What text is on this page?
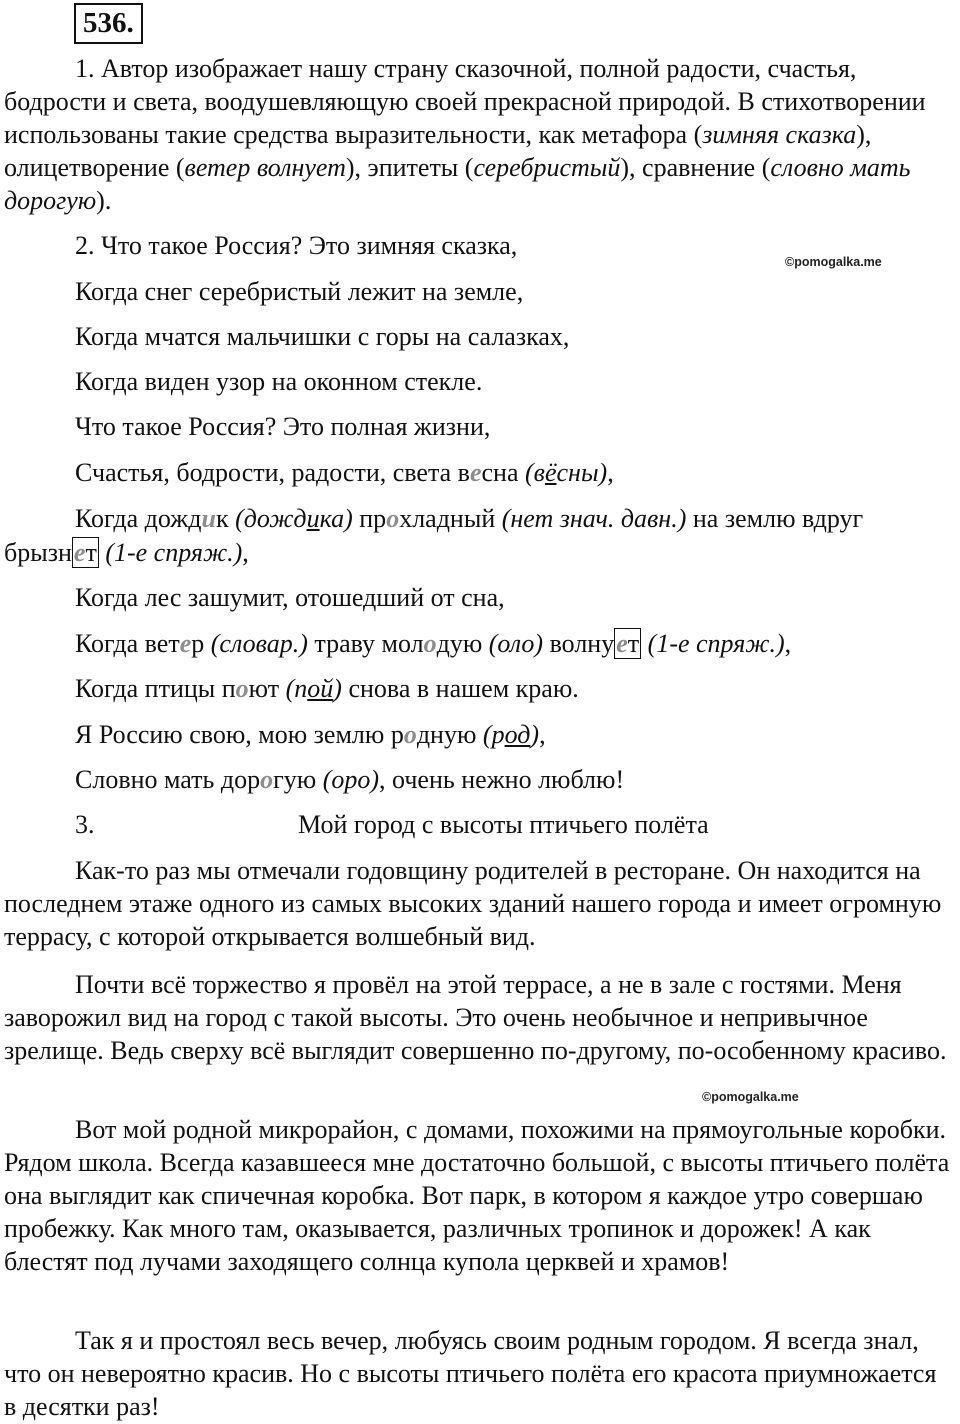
536.

1. Автор изображает нашу страну сказочной, полной радости, счастья, бодрости и света, воодушевляющую своей прекрасной природой. В стихотворении использованы такие средства выразительности, как метафора (зимняя сказка), олицетворение (ветер волнует), эпитеты (серебристый), сравнение (словно мать дорогую).

©pomogalka.me
2. Что такое Россия? Это зимняя сказка,
Когда снег серебристый лежит на земле,
Когда мчатся мальчишки с горы на салазках,
Когда виден узор на оконном стекле.
Что такое Россия? Это полная жизни,
Счастья, бодрости, радости, света весна (вёсны),
Когда дождик (дождика) прохладный (нет знач. давн.) на землю вдруг
брызнет (1-е спряж.),
Когда лес зашумит, отошедший от сна,
Когда ветер (словар.) траву молодую (оло) волнует (1-е спряж.),
Когда птицы поют (пой) снова в нашем краю.
Я Россию свою, мою землю родную (род),
Словно мать дорогую (оро), очень нежно люблю!
3.	Мой город с высоты птичьего полёта

Как-то раз мы отмечали годовщину родителей в ресторане. Он находится на последнем этаже одного из самых высоких зданий нашего города и имеет огромную террасу, с которой открывается волшебный вид.

Почти всё торжество я провёл на этой террасе, а не в зале с гостями. Меня заворожил вид на город с такой высоты. Это очень необычное и непривычное зрелище. Ведь сверху всё выглядит совершенно по-другому, по-особенному красиво.

©pomogalka.me

Вот мой родной микрорайон, с домами, похожими на прямоугольные коробки. Рядом школа. Всегда казавшееся мне достаточно большой, с высоты птичьего полёта она выглядит как спичечная коробка. Вот парк, в котором я каждое утро совершаю пробежку. Как много там, оказывается, различных тропинок и дорожек! А как блестят под лучами заходящего солнца купола церквей и храмов!

Так я и простоял весь вечер, любуясь своим родным городом. Я всегда знал, что он невероятно красив. Но с высоты птичьего полёта его красота приумножается в десятки раз!
